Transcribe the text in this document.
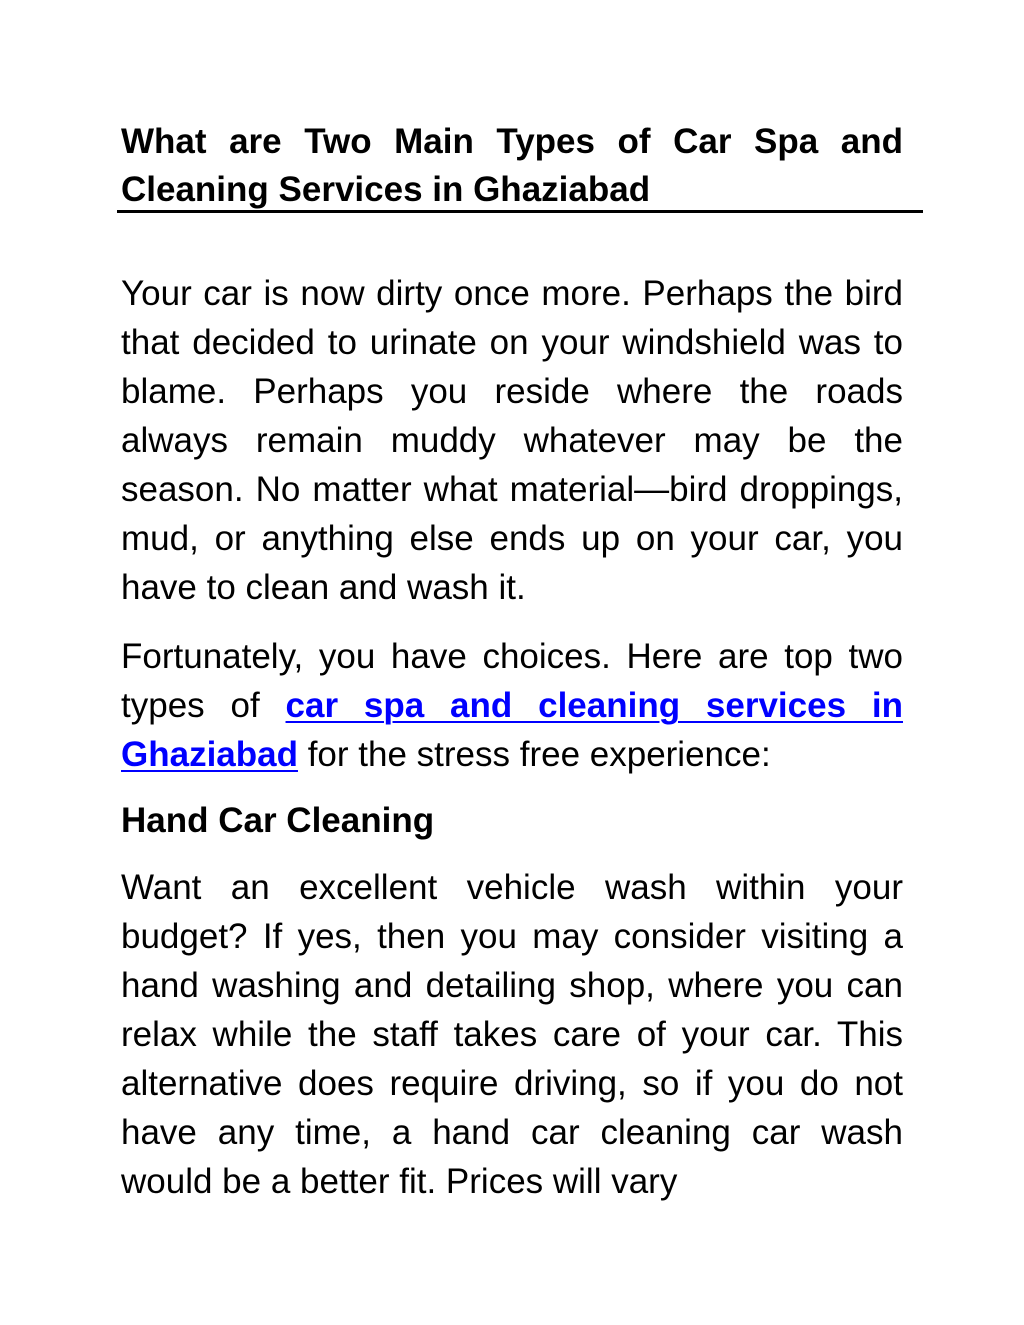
What are Two Main Types of Car Spa and Cleaning Services in Ghaziabad

Your car is now dirty once more. Perhaps the bird that decided to urinate on your windshield was to blame. Perhaps you reside where the roads always remain muddy whatever may be the season. No matter what material—bird droppings, mud, or anything else ends up on your car, you have to clean and wash it.

Fortunately, you have choices. Here are top two types of car spa and cleaning services in Ghaziabad for the stress free experience:

Hand Car Cleaning

Want an excellent vehicle wash within your budget? If yes, then you may consider visiting a hand washing and detailing shop, where you can relax while the staff takes care of your car. This alternative does require driving, so if you do not have any time, a hand car cleaning car wash would be a better fit. Prices will vary
